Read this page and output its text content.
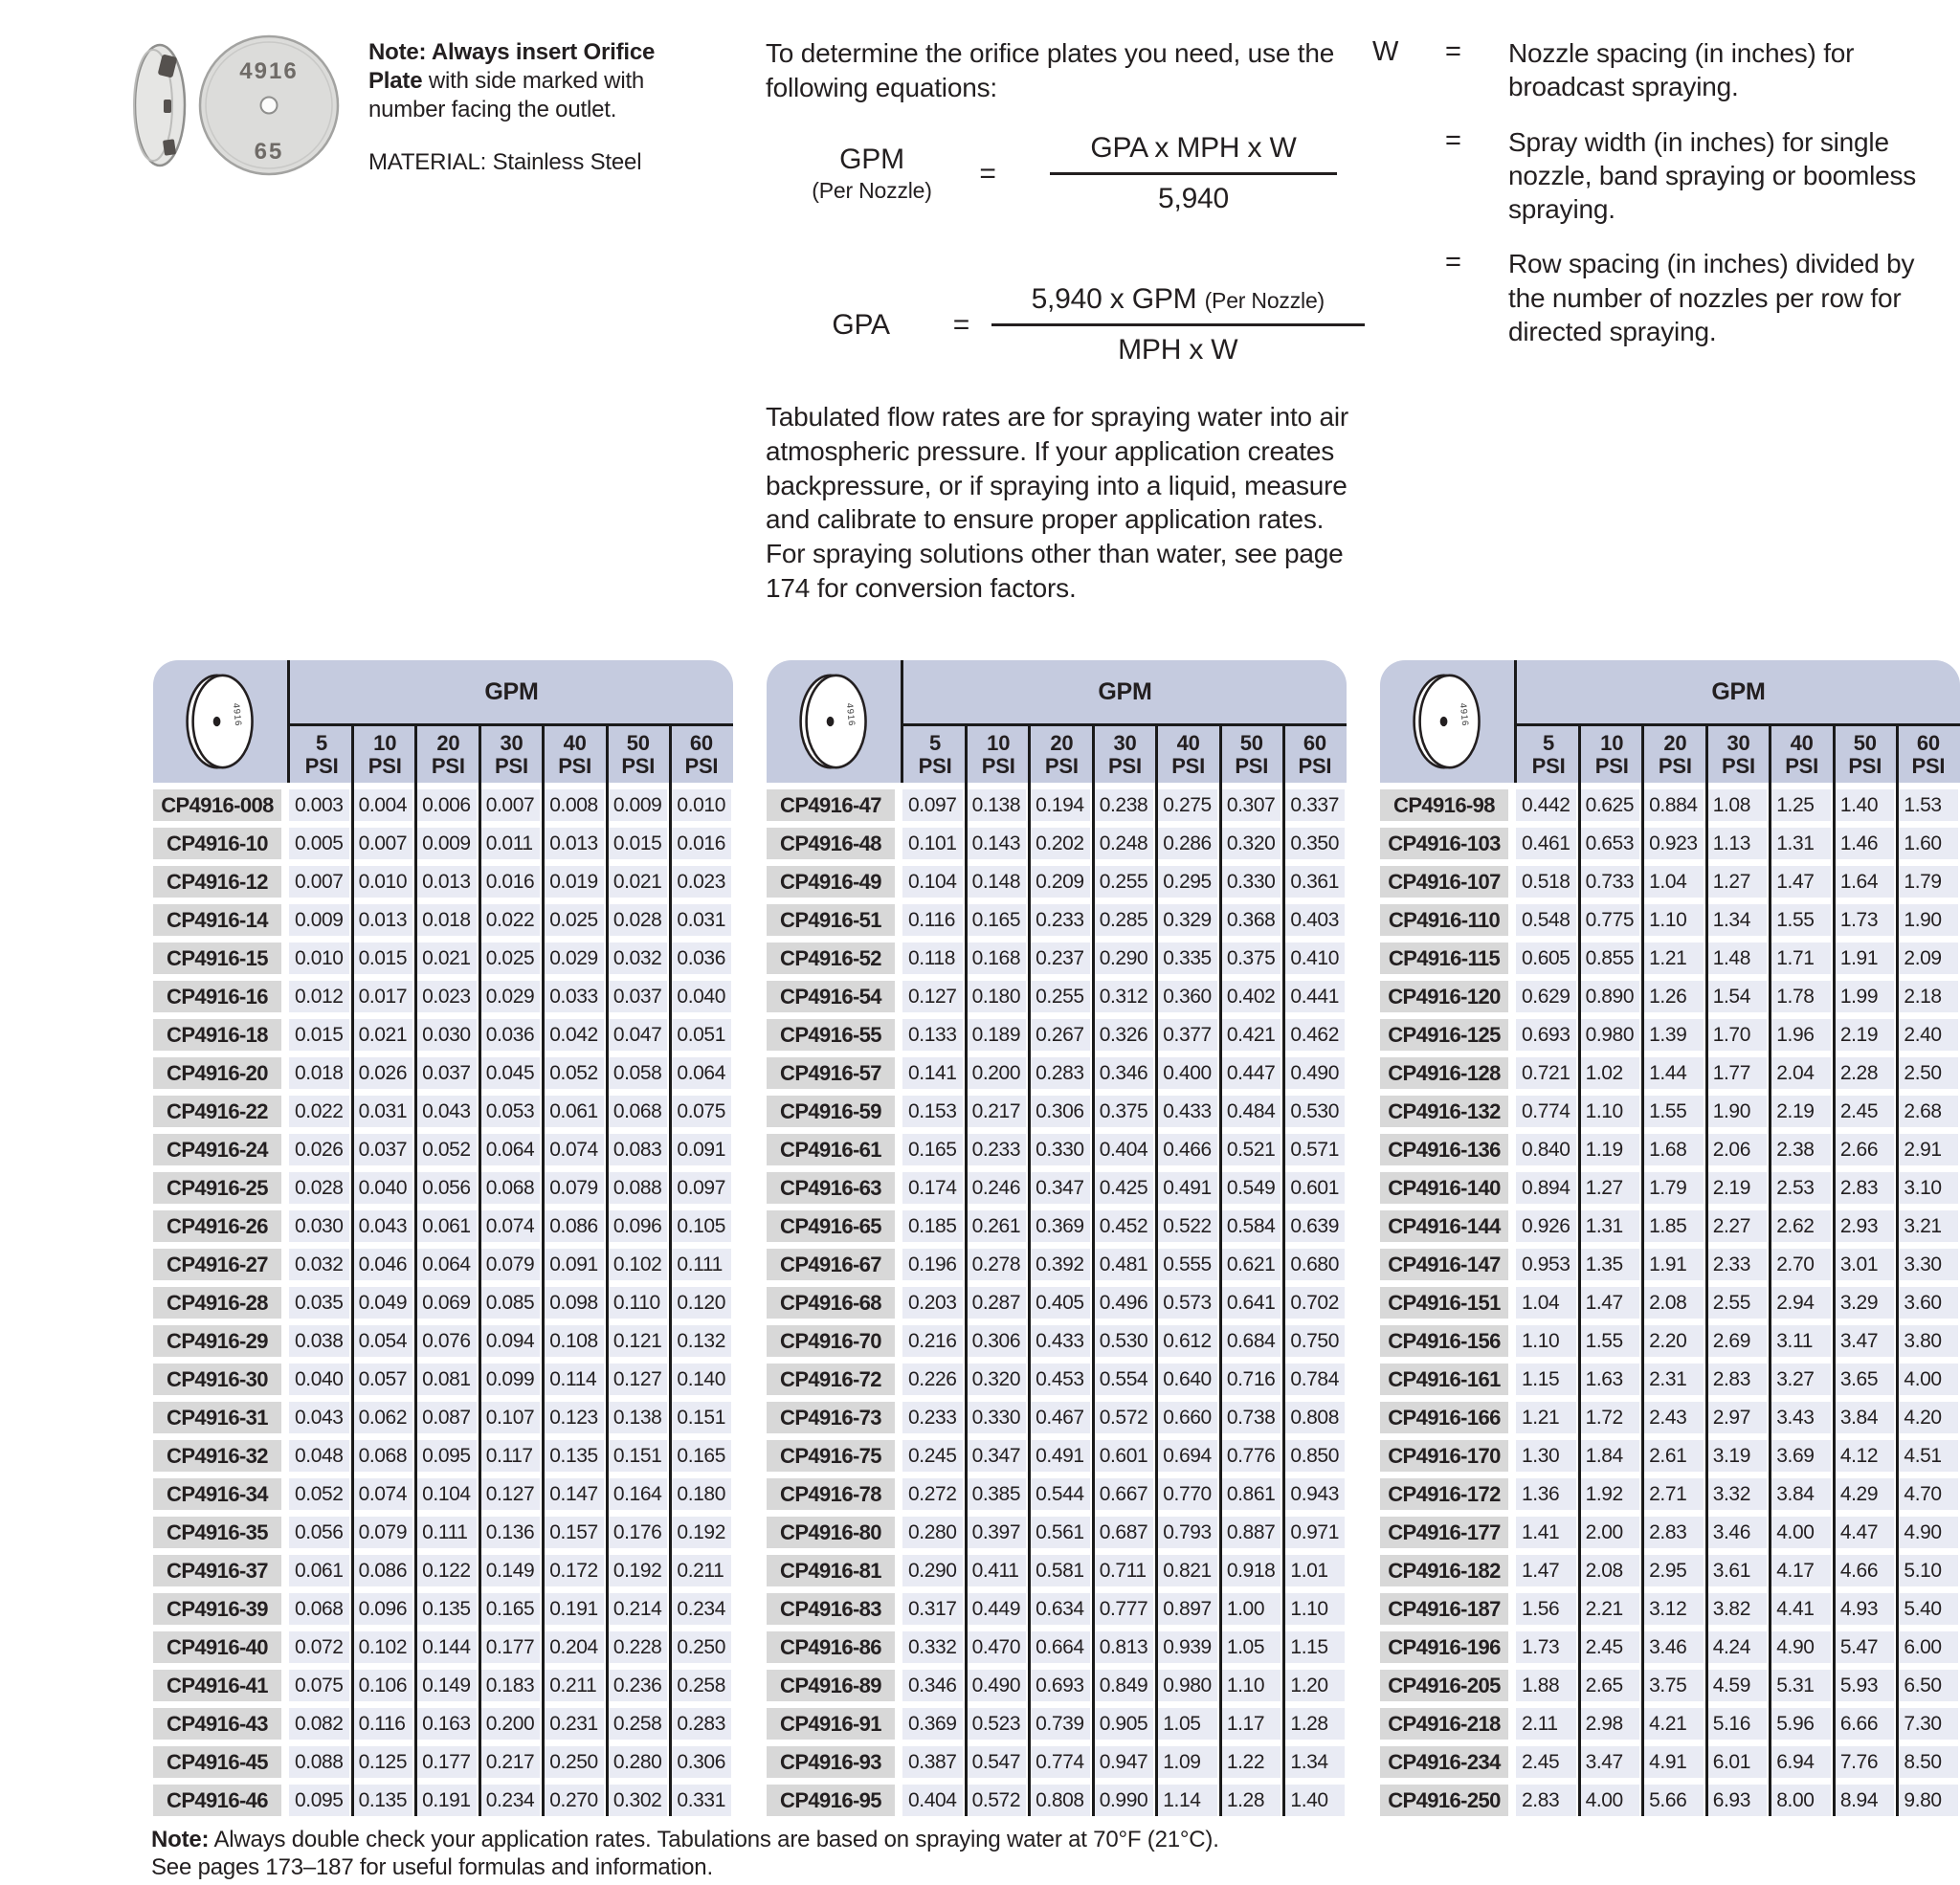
4916
65

Note: Always insert Orifice Plate with side marked with number facing the outlet.

MATERIAL: Stainless Steel

To determine the orifice plates you need, use the following equations:
GPM
(Per Nozzle)
= $\frac{\text{GPA x MPH x W}}{5,940}$
GPA	= $\frac{\text{5,940 x GPM (Per Nozzle)}}{\text{MPH x W}}$
W	=	Nozzle spacing (in inches) for broadcast spraying.
=	Spray width (in inches) for single nozzle, band spraying or boomless spraying.
=	Row spacing (in inches) divided by the number of nozzles per row for directed spraying.
Tabulated flow rates are for spraying water into air atmospheric pressure. If your application creates backpressure, or if spraying into a liquid, measure and calibrate to ensure proper application rates. For spraying solutions other than water, see page 174 for conversion factors.
4916
GPM
5
PSI
10
PSI
20
PSI
30
PSI
40
PSI
50
PSI
60
PSI
CP4916-008	0.003 0.004 0.006 0.007 0.008 0.009 0.010
CP4916-10	0.005 0.007 0.009 0.011 0.013 0.015 0.016
CP4916-12	0.007 0.010 0.013 0.016 0.019 0.021 0.023
CP4916-14	0.009 0.013 0.018 0.022 0.025 0.028 0.031
CP4916-15	0.010 0.015 0.021 0.025 0.029 0.032 0.036
CP4916-16	0.012 0.017 0.023 0.029 0.033 0.037 0.040
CP4916-18	0.015 0.021 0.030 0.036 0.042 0.047 0.051
CP4916-20	0.018 0.026 0.037 0.045 0.052 0.058 0.064
CP4916-22	0.022 0.031 0.043 0.053 0.061 0.068 0.075
CP4916-24	0.026 0.037 0.052 0.064 0.074 0.083 0.091
CP4916-25	0.028 0.040 0.056 0.068 0.079 0.088 0.097
CP4916-26	0.030 0.043 0.061 0.074 0.086 0.096 0.105
CP4916-27	0.032 0.046 0.064 0.079 0.091 0.102 0.111
CP4916-28	0.035 0.049 0.069 0.085 0.098 0.110 0.120
CP4916-29	0.038 0.054 0.076 0.094 0.108 0.121 0.132
CP4916-30	0.040 0.057 0.081 0.099 0.114 0.127 0.140
CP4916-31	0.043 0.062 0.087 0.107 0.123 0.138 0.151
CP4916-32	0.048 0.068 0.095 0.117 0.135 0.151 0.165
CP4916-34	0.052 0.074 0.104 0.127 0.147 0.164 0.180
CP4916-35	0.056 0.079 0.111 0.136 0.157 0.176 0.192
CP4916-37	0.061 0.086 0.122 0.149 0.172 0.192 0.211
CP4916-39	0.068 0.096 0.135 0.165 0.191 0.214 0.234
CP4916-40	0.072 0.102 0.144 0.177 0.204 0.228 0.250
CP4916-41	0.075 0.106 0.149 0.183 0.211 0.236 0.258
CP4916-43	0.082 0.116 0.163 0.200 0.231 0.258 0.283
CP4916-45	0.088 0.125 0.177 0.217 0.250 0.280 0.306
CP4916-46	0.095 0.135 0.191 0.234 0.270 0.302 0.331
4916
GPM
5
PSI
10
PSI
20
PSI
30
PSI
40
PSI
50
PSI
60
PSI
CP4916-47	0.097 0.138 0.194 0.238 0.275 0.307 0.337
CP4916-48	0.101 0.143 0.202 0.248 0.286 0.320 0.350
CP4916-49	0.104 0.148 0.209 0.255 0.295 0.330 0.361
CP4916-51	0.116 0.165 0.233 0.285 0.329 0.368 0.403
CP4916-52	0.118 0.168 0.237 0.290 0.335 0.375 0.410
CP4916-54	0.127 0.180 0.255 0.312 0.360 0.402 0.441
CP4916-55	0.133 0.189 0.267 0.326 0.377 0.421 0.462
CP4916-57	0.141 0.200 0.283 0.346 0.400 0.447 0.490
CP4916-59	0.153 0.217 0.306 0.375 0.433 0.484 0.530
CP4916-61	0.165 0.233 0.330 0.404 0.466 0.521 0.571
CP4916-63	0.174 0.246 0.347 0.425 0.491 0.549 0.601
CP4916-65	0.185 0.261 0.369 0.452 0.522 0.584 0.639
CP4916-67	0.196 0.278 0.392 0.481 0.555 0.621 0.680
CP4916-68	0.203 0.287 0.405 0.496 0.573 0.641 0.702
CP4916-70	0.216 0.306 0.433 0.530 0.612 0.684 0.750
CP4916-72	0.226 0.320 0.453 0.554 0.640 0.716 0.784
CP4916-73	0.233 0.330 0.467 0.572 0.660 0.738 0.808
CP4916-75	0.245 0.347 0.491 0.601 0.694 0.776 0.850
CP4916-78	0.272 0.385 0.544 0.667 0.770 0.861 0.943
CP4916-80	0.280 0.397 0.561 0.687 0.793 0.887 0.971
CP4916-81	0.290 0.411 0.581 0.711 0.821 0.918 1.01
CP4916-83	0.317 0.449 0.634 0.777 0.897 1.00	1.10
CP4916-86	0.332 0.470 0.664 0.813 0.939 1.05	1.15
CP4916-89	0.346 0.490 0.693 0.849 0.980 1.10	1.20
CP4916-91	0.369 0.523 0.739 0.905 1.05	1.17	1.28
CP4916-93	0.387 0.547 0.774 0.947 1.09	1.22	1.34
CP4916-95	0.404 0.572 0.808 0.990 1.14	1.28	1.40
4916
GPM
5
PSI
10
PSI
20
PSI
30
PSI
40
PSI
50
PSI
60
PSI
CP4916-98	0.442 0.625 0.884 1.08	1.25	1.40	1.53
CP4916-103	0.461 0.653 0.923 1.13	1.31	1.46	1.60
CP4916-107	0.518 0.733 1.04	1.27	1.47	1.64	1.79
CP4916-110	0.548 0.775 1.10	1.34	1.55	1.73	1.90
CP4916-115	0.605 0.855 1.21	1.48	1.71	1.91	2.09
CP4916-120	0.629 0.890 1.26	1.54	1.78	1.99	2.18
CP4916-125	0.693 0.980 1.39	1.70	1.96	2.19	2.40
CP4916-128	0.721 1.02	1.44	1.77	2.04	2.28	2.50
CP4916-132	0.774 1.10	1.55	1.90	2.19	2.45	2.68
CP4916-136	0.840 1.19	1.68	2.06	2.38	2.66	2.91
CP4916-140	0.894 1.27	1.79	2.19	2.53	2.83	3.10
CP4916-144	0.926 1.31	1.85	2.27	2.62	2.93	3.21
CP4916-147	0.953 1.35	1.91	2.33	2.70	3.01	3.30
CP4916-151	1.04	1.47	2.08	2.55	2.94	3.29	3.60
CP4916-156	1.10	1.55	2.20	2.69	3.11	3.47	3.80
CP4916-161	1.15	1.63	2.31	2.83	3.27	3.65	4.00
CP4916-166	1.21	1.72	2.43	2.97	3.43	3.84	4.20
CP4916-170	1.30	1.84	2.61	3.19	3.69	4.12	4.51
CP4916-172	1.36	1.92	2.71	3.32	3.84	4.29	4.70
CP4916-177	1.41	2.00	2.83	3.46	4.00	4.47	4.90
CP4916-182	1.47	2.08	2.95	3.61	4.17	4.66	5.10
CP4916-187	1.56	2.21	3.12	3.82	4.41	4.93	5.40
CP4916-196	1.73	2.45	3.46	4.24	4.90	5.47	6.00
CP4916-205	1.88	2.65	3.75	4.59	5.31	5.93	6.50
CP4916-218	2.11	2.98	4.21	5.16	5.96	6.66	7.30
CP4916-234	2.45	3.47	4.91	6.01	6.94	7.76	8.50
CP4916-250	2.83	4.00	5.66	6.93	8.00	8.94	9.80
Note: Always double check your application rates. Tabulations are based on spraying water at 70°F (21°C).
See pages 173–187 for useful formulas and information.
